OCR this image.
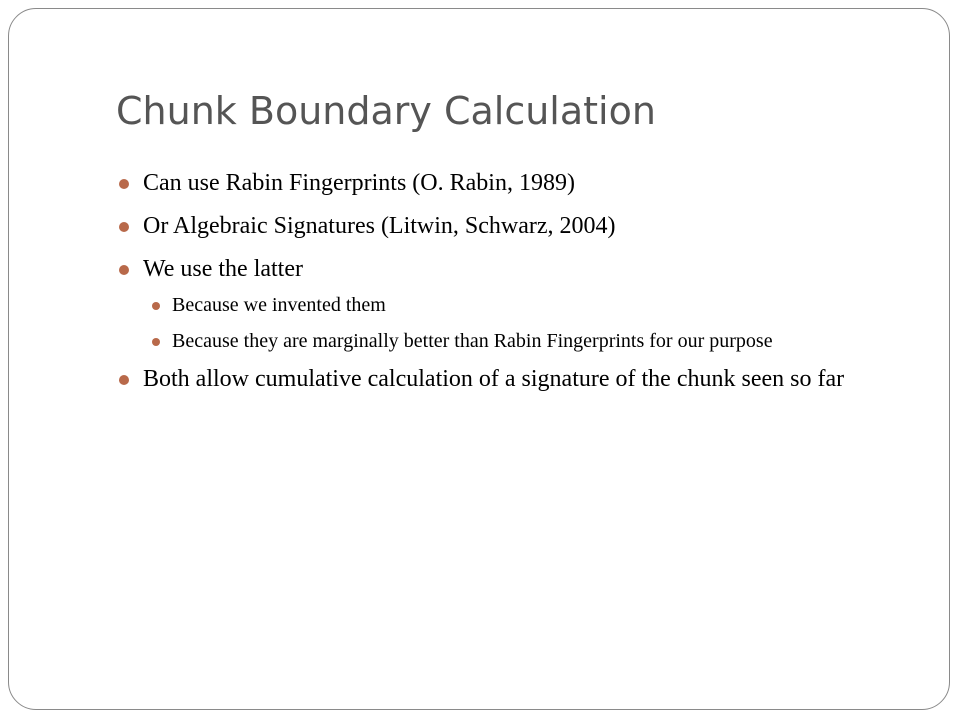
Chunk Boundary Calculation
Can use Rabin Fingerprints (O. Rabin, 1989)
Or Algebraic Signatures (Litwin, Schwarz, 2004)
We use the latter
Because we invented them
Because they are marginally better than Rabin Fingerprints for our purpose
Both allow cumulative calculation of a signature of the chunk seen so far
